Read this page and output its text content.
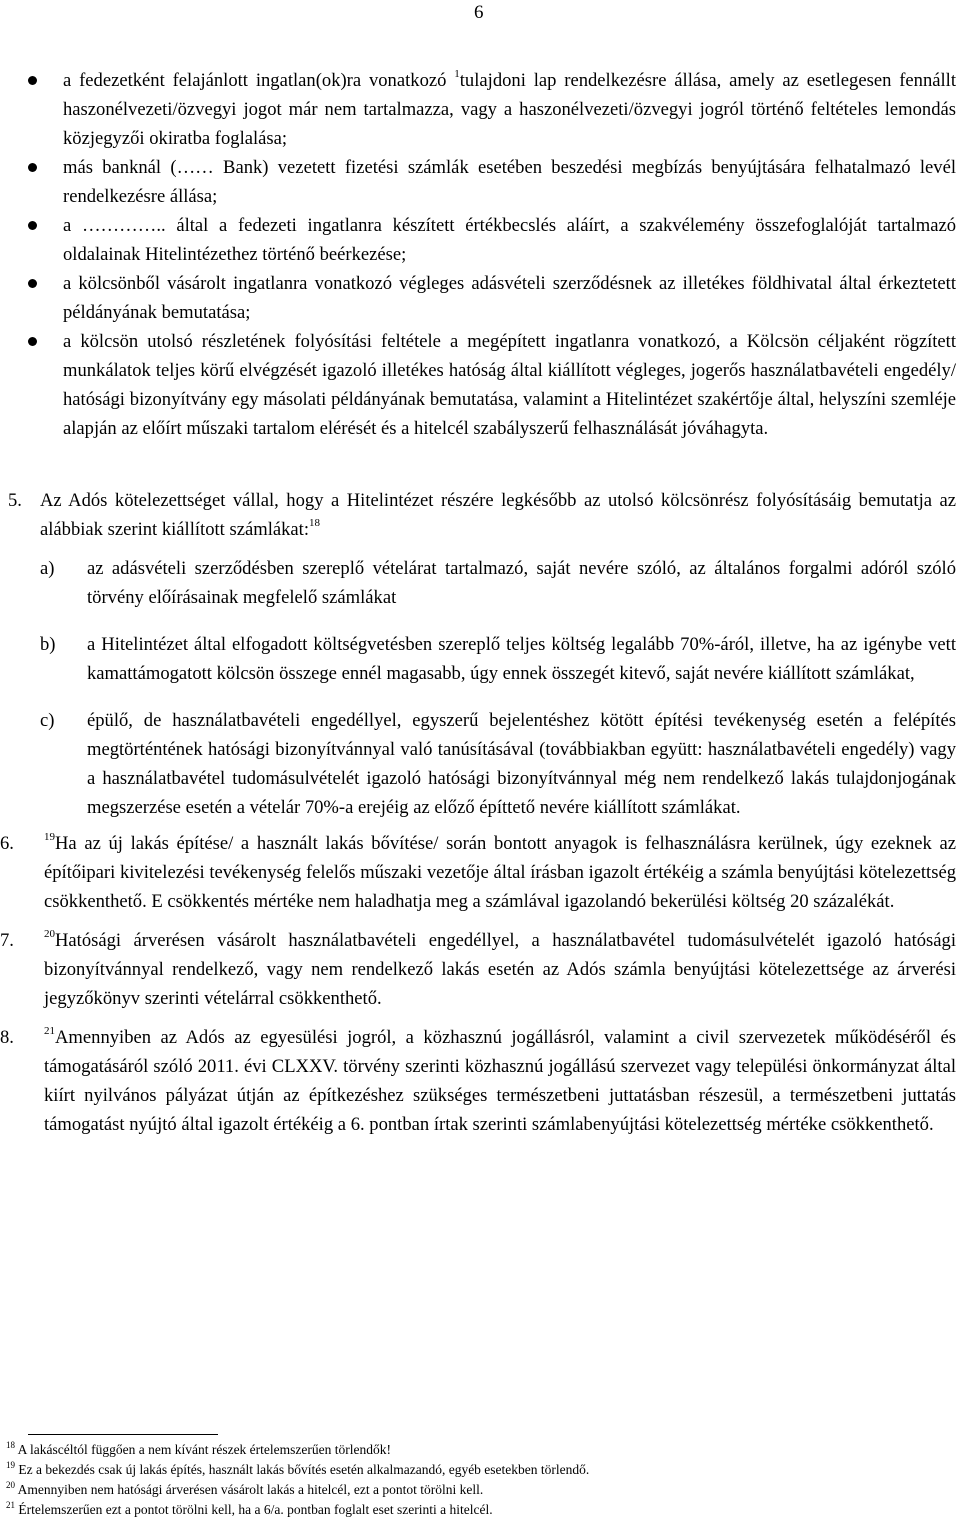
6
a fedezetként felajánlott ingatlan(ok)ra vonatkozó $^1$tulajdoni lap rendelkezésre állása, amely az esetlegesen fennállt haszonélvezeti/özvegyi jogot már nem tartalmazza, vagy a haszonélvezeti/özvegyi jogról történő feltételes lemondás közjegyzői okiratba foglalása;
más banknál (…… Bank) vezetett fizetési számlák esetében beszedési megbízás benyújtására felhatalmazó levél rendelkezésre állása;
a ………….. által a fedezeti ingatlanra készített értékbecslés aláírt, a szakvélemény összefoglalóját tartalmazó oldalainak Hitelintézethez történő beérkezése;
a kölcsönből vásárolt ingatlanra vonatkozó végleges adásvételi szerződésnek az illetékes földhivatal által érkeztetett példányának bemutatása;
a kölcsön utolsó részletének folyósítási feltétele a megépített ingatlanra vonatkozó, a Kölcsön céljaként rögzített munkálatok teljes körű elvégzését igazoló illetékes hatóság által kiállított végleges, jogerős használatbavételi engedély/ hatósági bizonyítvány egy másolati példányának bemutatása, valamint a Hitelintézet szakértője által, helyszíni szemléje alapján az előírt műszaki tartalom elérését és a hitelcél szabályszerű felhasználását jóváhagyta.
5. Az Adós kötelezettséget vállal, hogy a Hitelintézet részére legkésőbb az utolsó kölcsönrész folyósításáig bemutatja az alábbiak szerint kiállított számlákat:$^{18}$
a) az adásvételi szerződésben szereplő vételárat tartalmazó, saját nevére szóló, az általános forgalmi adóról szóló törvény előírásainak megfelelő számlákat
b) a Hitelintézet által elfogadott költségvetésben szereplő teljes költség legalább 70%-áról, illetve, ha az igénybe vett kamattámogatott kölcsön összege ennél magasabb, úgy ennek összegét kitevő, saját nevére kiállított számlákat,
c) épülő, de használatbavételi engedéllyel, egyszerű bejelentéshez kötött építési tevékenység esetén a felépítés megtörténtének hatósági bizonyítvánnyal való tanúsításával (továbbiakban együtt: használatbavételi engedély) vagy a használatbavétel tudomásulvételét igazoló hatósági bizonyítvánnyal még nem rendelkező lakás tulajdonjogának megszerzése esetén a vételár 70%-a erejéig az előző építtető nevére kiállított számlákat.
6.	$^{19}$Ha az új lakás építése/ a használt lakás bővítése/ során bontott anyagok is felhasználásra kerülnek, úgy ezeknek az építőipari kivitelezési tevékenység felelős műszaki vezetője által írásban igazolt értékéig a számla benyújtási kötelezettség csökkenthető. E csökkentés mértéke nem haladhatja meg a számlával igazolandó bekerülési költség 20 százalékát.
7.	$^{20}$Hatósági árverésen vásárolt használatbavételi engedéllyel, a használatbavétel tudomásulvételét igazoló hatósági bizonyítvánnyal rendelkező, vagy nem rendelkező lakás esetén az Adós számla benyújtási kötelezettsége az árverési jegyzőkönyv szerinti vételárral csökkenthető.
8.	$^{21}$Amennyiben az Adós az egyesülési jogról, a közhasznú jogállásról, valamint a civil szervezetek működéséről és támogatásáról szóló 2011. évi CLXXV. törvény szerinti közhasznú jogállású szervezet vagy települési önkormányzat által kiírt nyilvános pályázat útján az építkezéshez szükséges természetbeni juttatásban részesül, a természetbeni juttatás támogatást nyújtó által igazolt értékéig a 6. pontban írtak szerinti számlabenyújtási kötelezettség mértéke csökkenthető.
$^{18}$ A lakáscéltól függően a nem kívánt részek értelemszerűen törlendők!
$^{19}$ Ez a bekezdés csak új lakás építés, használt lakás bővítés esetén alkalmazandó, egyéb esetekben törlendő.
$^{20}$ Amennyiben nem hatósági árverésen vásárolt lakás a hitelcél, ezt a pontot törölni kell.
$^{21}$ Értelemszerűen ezt a pontot törölni kell, ha a 6/a. pontban foglalt eset szerinti a hitelcél.
